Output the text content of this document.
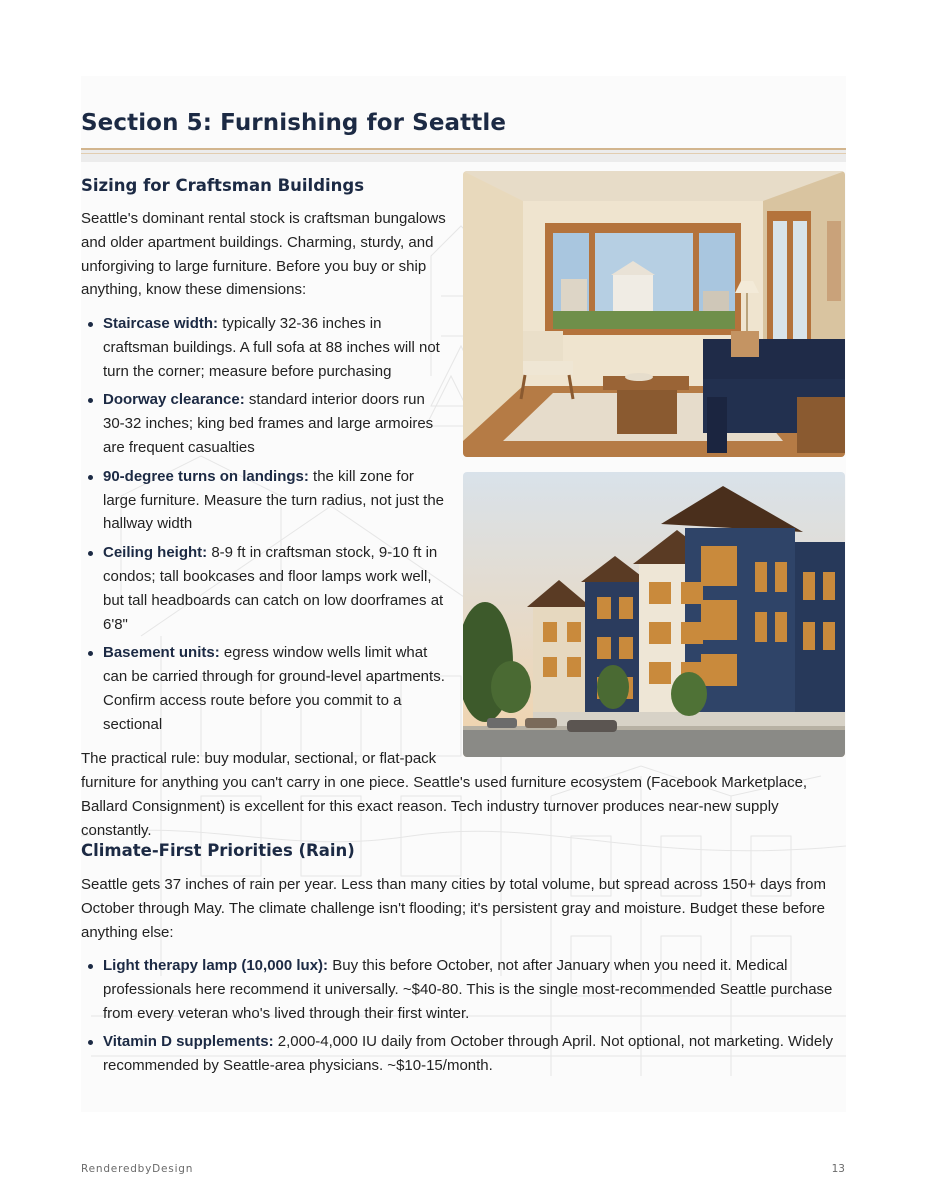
Section 5: Furnishing for Seattle
Sizing for Craftsman Buildings

Seattle's dominant rental stock is craftsman bungalows and older apartment buildings. Charming, sturdy, and unforgiving to large furniture. Before you buy or ship anything, know these dimensions:

Staircase width: typically 32-36 inches in craftsman buildings. A full sofa at 88 inches will not turn the corner; measure before purchasing
Doorway clearance: standard interior doors run 30-32 inches; king bed frames and large armoires are frequent casualties
90-degree turns on landings: the kill zone for large furniture. Measure the turn radius, not just the hallway width
Ceiling height: 8-9 ft in craftsman stock, 9-10 ft in condos; tall bookcases and floor lamps work well, but tall headboards can catch on low doorframes at 6'8"
Basement units: egress window wells limit what can be carried through for ground-level apartments. Confirm access route before you commit to a sectional

The practical rule: buy modular, sectional, or flat-pack

furniture for anything you can't carry in one piece. Seattle's used furniture ecosystem (Facebook Marketplace, Ballard Consignment) is excellent for this exact reason. Tech industry turnover produces near-new supply constantly.

Climate-First Priorities (Rain)

Seattle gets 37 inches of rain per year. Less than many cities by total volume, but spread across 150+ days from October through May. The climate challenge isn't flooding; it's persistent gray and moisture. Budget these before anything else:

Light therapy lamp (10,000 lux): Buy this before October, not after January when you need it. Medical professionals here recommend it universally. ~$40-80. This is the single most-recommended Seattle purchase from every veteran who's lived through their first winter.
Vitamin D supplements: 2,000-4,000 IU daily from October through April. Not optional, not marketing. Widely recommended by Seattle-area physicians. ~$10-15/month.
RenderedbyDesign	13
